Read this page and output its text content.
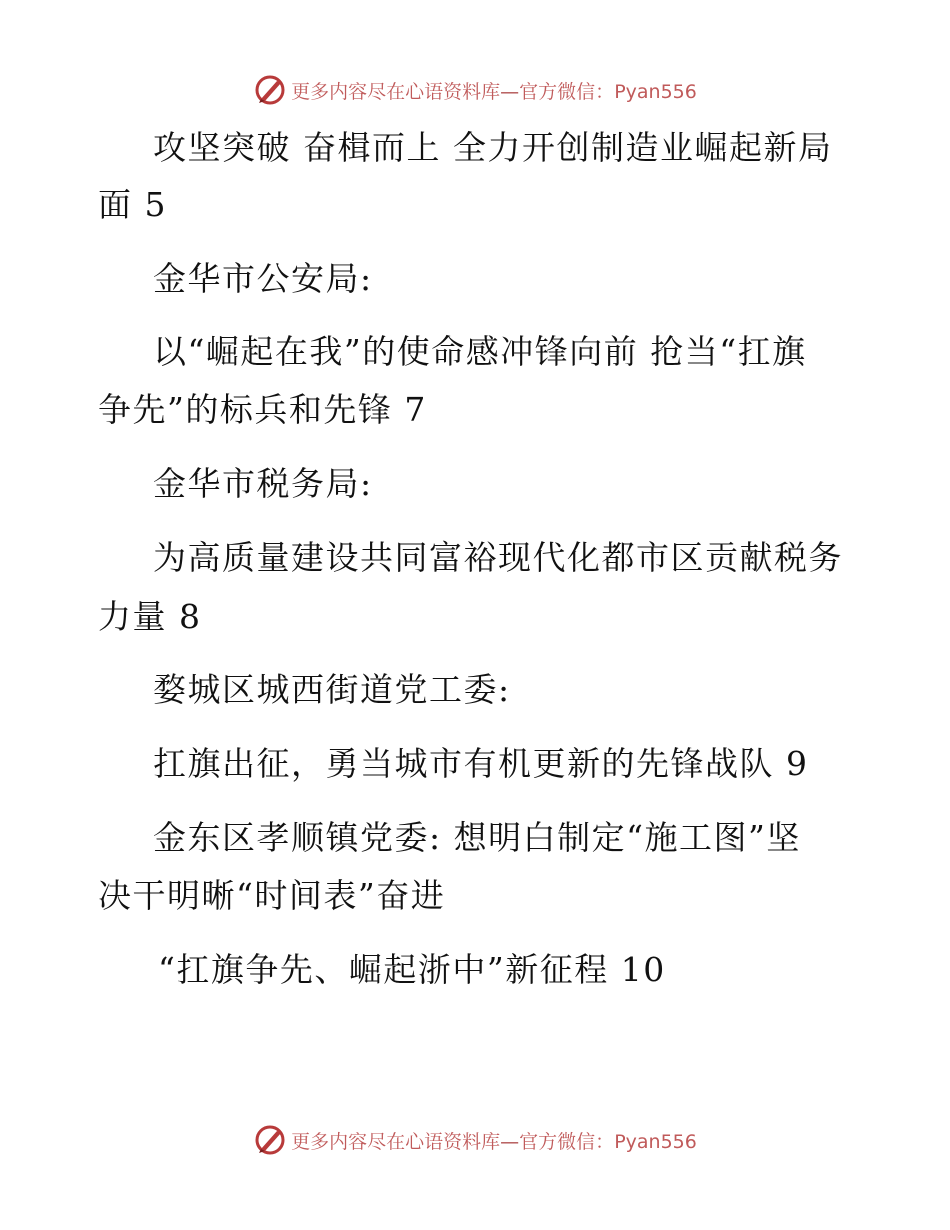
更多内容尽在心语资料库—官方微信：Pyan556
攻坚突破 奋楫而上 全力开创制造业崛起新局
面 5
金华市公安局:
以“崛起在我”的使命感冲锋向前 抢当“扛旗
争先”的标兵和先锋 7
金华市税务局:
为高质量建设共同富裕现代化都市区贡献税务
力量 8
婺城区城西街道党工委:
扛旗出征，勇当城市有机更新的先锋战队 9
金东区孝顺镇党委: 想明白制定“施工图”坚
决干明晰“时间表”奋进
“扛旗争先、崛起浙中”新征程 10
更多内容尽在心语资料库—官方微信：Pyan556
